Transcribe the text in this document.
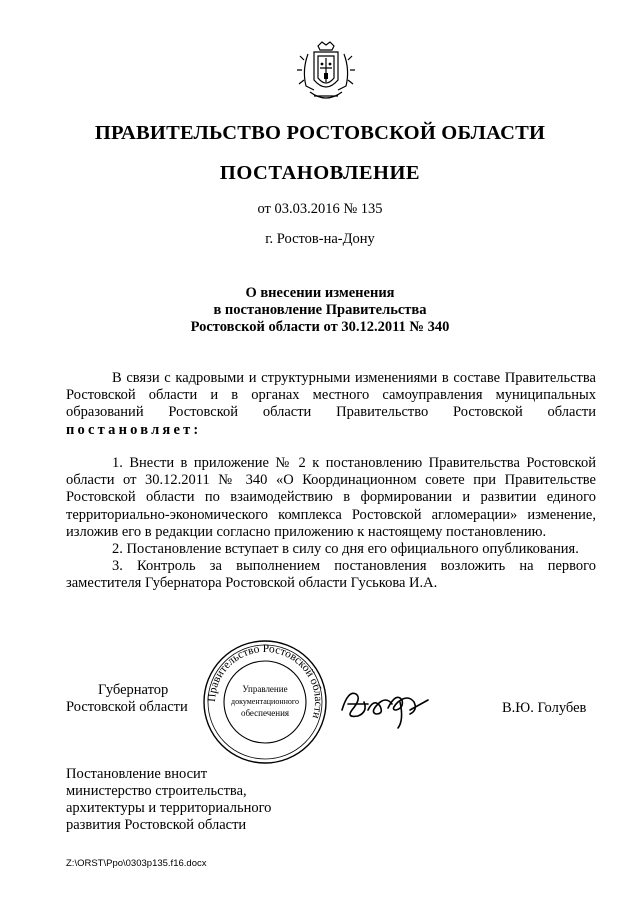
ПРАВИТЕЛЬСТВО РОСТОВСКОЙ ОБЛАСТИ
ПОСТАНОВЛЕНИЕ
от 03.03.2016 № 135
г. Ростов-на-Дону
О внесении изменения
в постановление Правительства
Ростовской области от 30.12.2011 № 340
В связи с кадровыми и структурными изменениями в составе Правительства Ростовской области и в органах местного самоуправления муниципальных образований Ростовской области Правительство Ростовской области постановляет:

1. Внести в приложение № 2 к постановлению Правительства Ростовской области от 30.12.2011 № 340 «О Координационном совете при Правительстве Ростовской области по взаимодействию в формировании и развитии единого территориально-экономического комплекса Ростовской агломерации» изменение, изложив его в редакции согласно приложению к настоящему постановлению.

2. Постановление вступает в силу со дня его официального опубликования.

3. Контроль за выполнением постановления возложить на первого заместителя Губернатора Ростовской области Гуськова И.А.

Губернатор
Ростовской области
Правительство Ростовской области
Управление
документационного
обеспечения	В.Ю. Голубев
Постановление вносит
министерство строительства,
архитектуры и территориального
развития Ростовской области
Z:\ORST\Ppo\0303p135.f16.docx
